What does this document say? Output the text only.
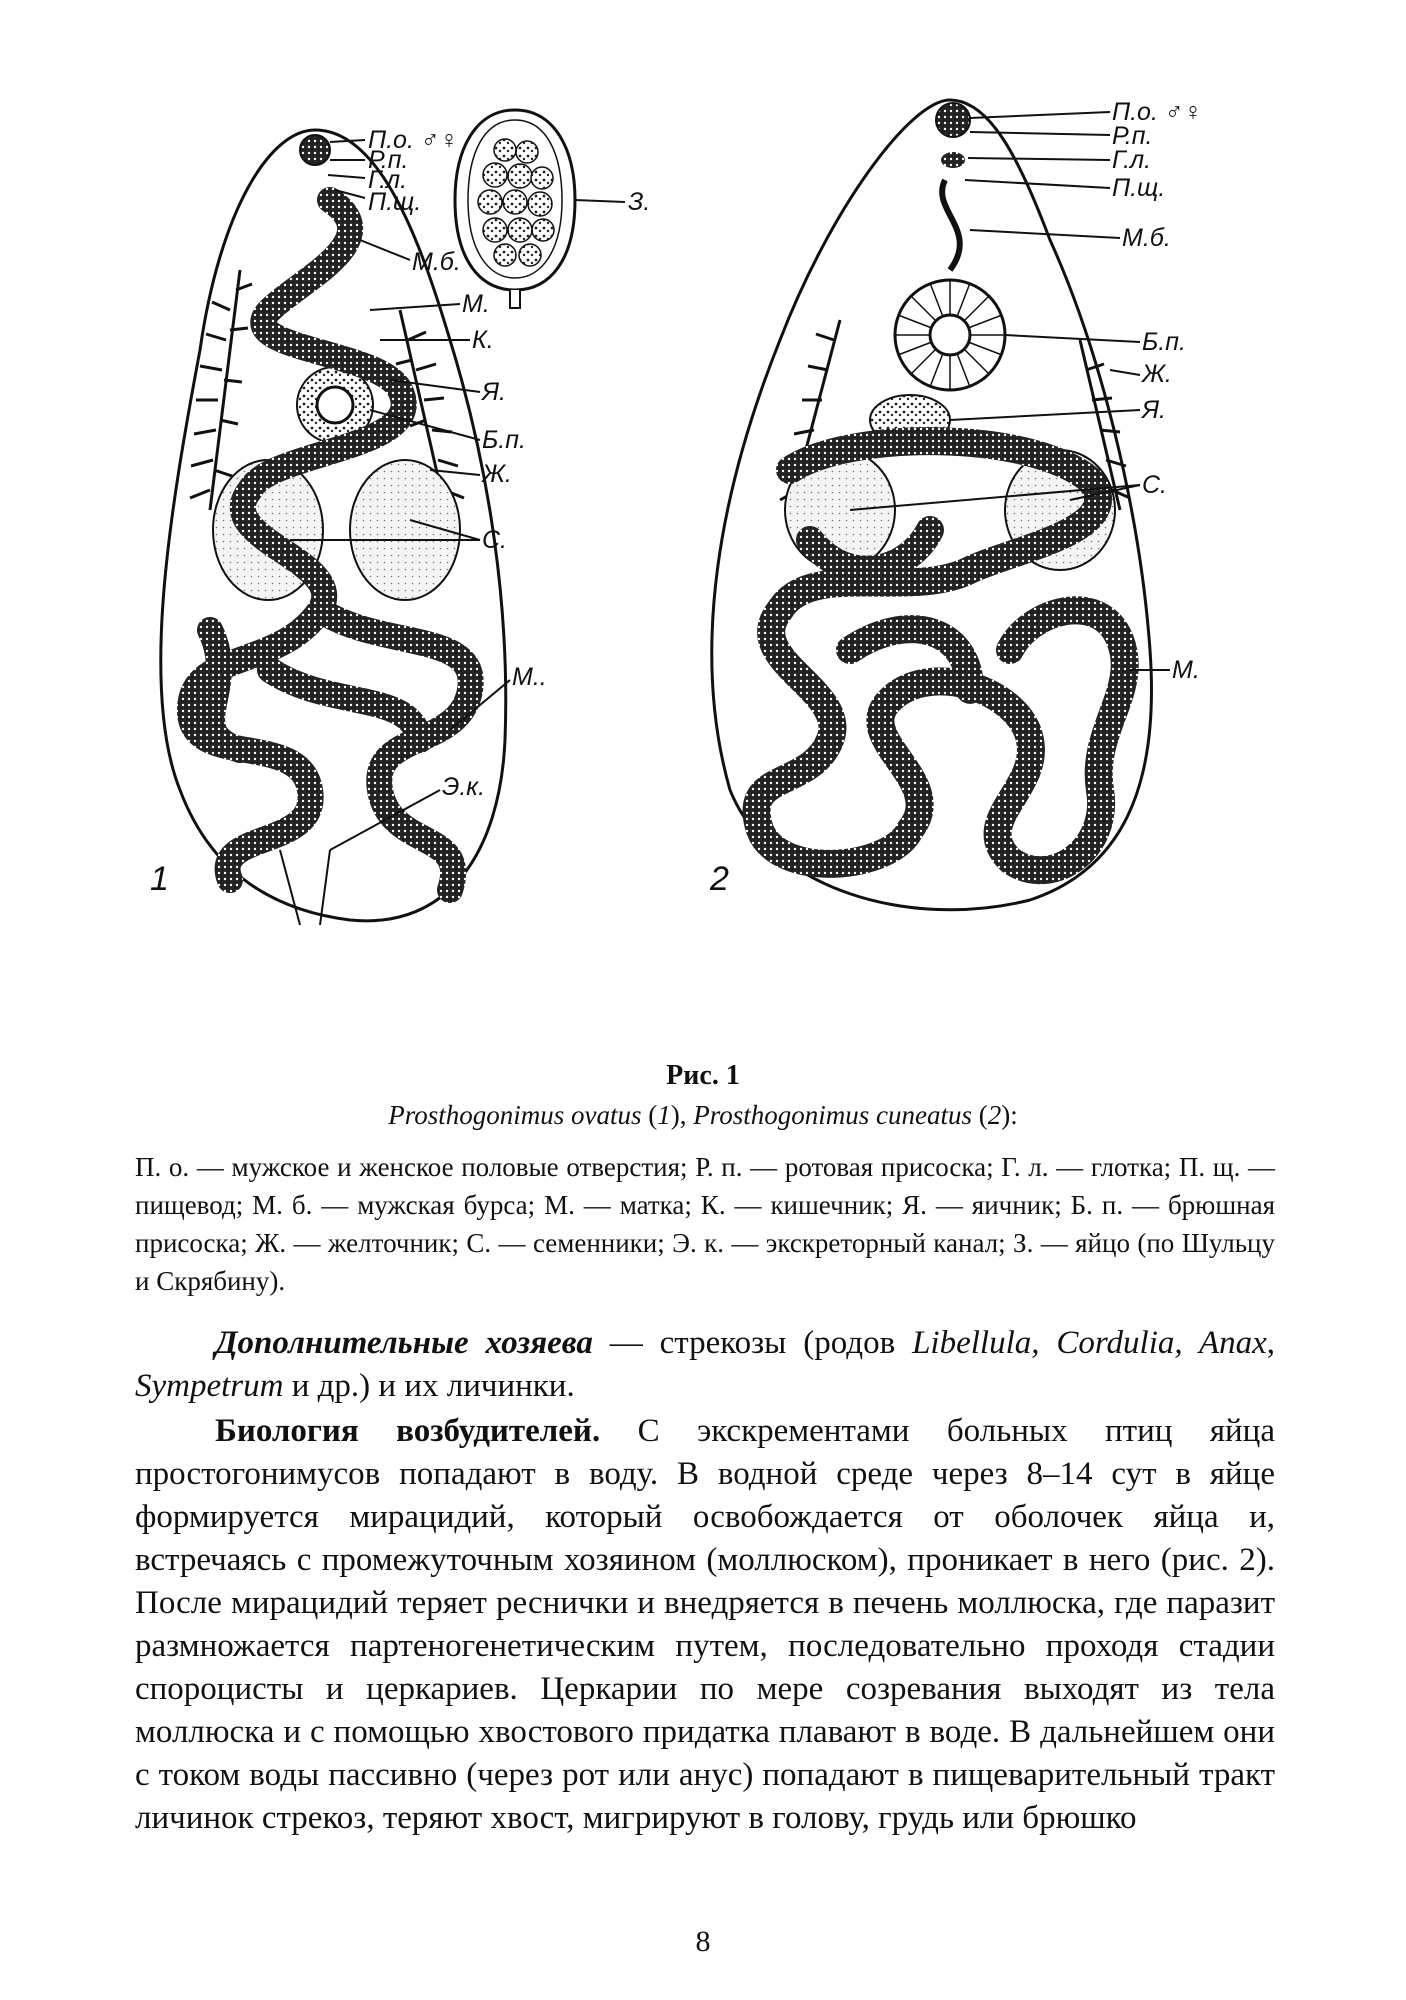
1
П.о. ♂♀
Р.п.
Г.л.
П.щ.
М.б.
М.
К.
Я.
Б.п.
Ж.
С.
М..
Э.к.
З.
2
П.о. ♂♀
Р.п.
Г.л.
П.щ.
М.б.
Б.п.
Ж.
Я.
С.
М.
Рис. 1
Prosthogonimus ovatus (1), Prosthogonimus cuneatus (2):
П. о. — мужское и женское половые отверстия; Р. п. — ротовая присоска; Г. л. — глотка; П. щ. — пищевод; М. б. — мужская бурса; М. — матка; К. — кишечник; Я. — яичник; Б. п. — брюшная присоска; Ж. — желточник; С. — семенники; Э. к. — экскреторный канал; З. — яйцо (по Шульцу и Скрябину).
Дополнительные хозяева — стрекозы (родов Libellula, Cordulia, Anax, Sympetrum и др.) и их личинки.
Биология возбудителей. С экскрементами больных птиц яйца простогонимусов попадают в воду. В водной среде через 8–14 сут в яйце формируется мирацидий, который освобождается от оболочек яйца и, встречаясь с промежуточным хозяином (моллюском), проникает в него (рис. 2). После мирацидий теряет реснички и внедряется в печень моллюска, где паразит размножается партеногенетическим путем, последовательно проходя стадии спороцисты и церкариев. Церкарии по мере созревания выходят из тела моллюска и с помощью хвостового придатка плавают в воде. В дальнейшем они с током воды пассивно (через рот или анус) попадают в пищеварительный тракт личинок стрекоз, теряют хвост, мигрируют в голову, грудь или брюшко
8
